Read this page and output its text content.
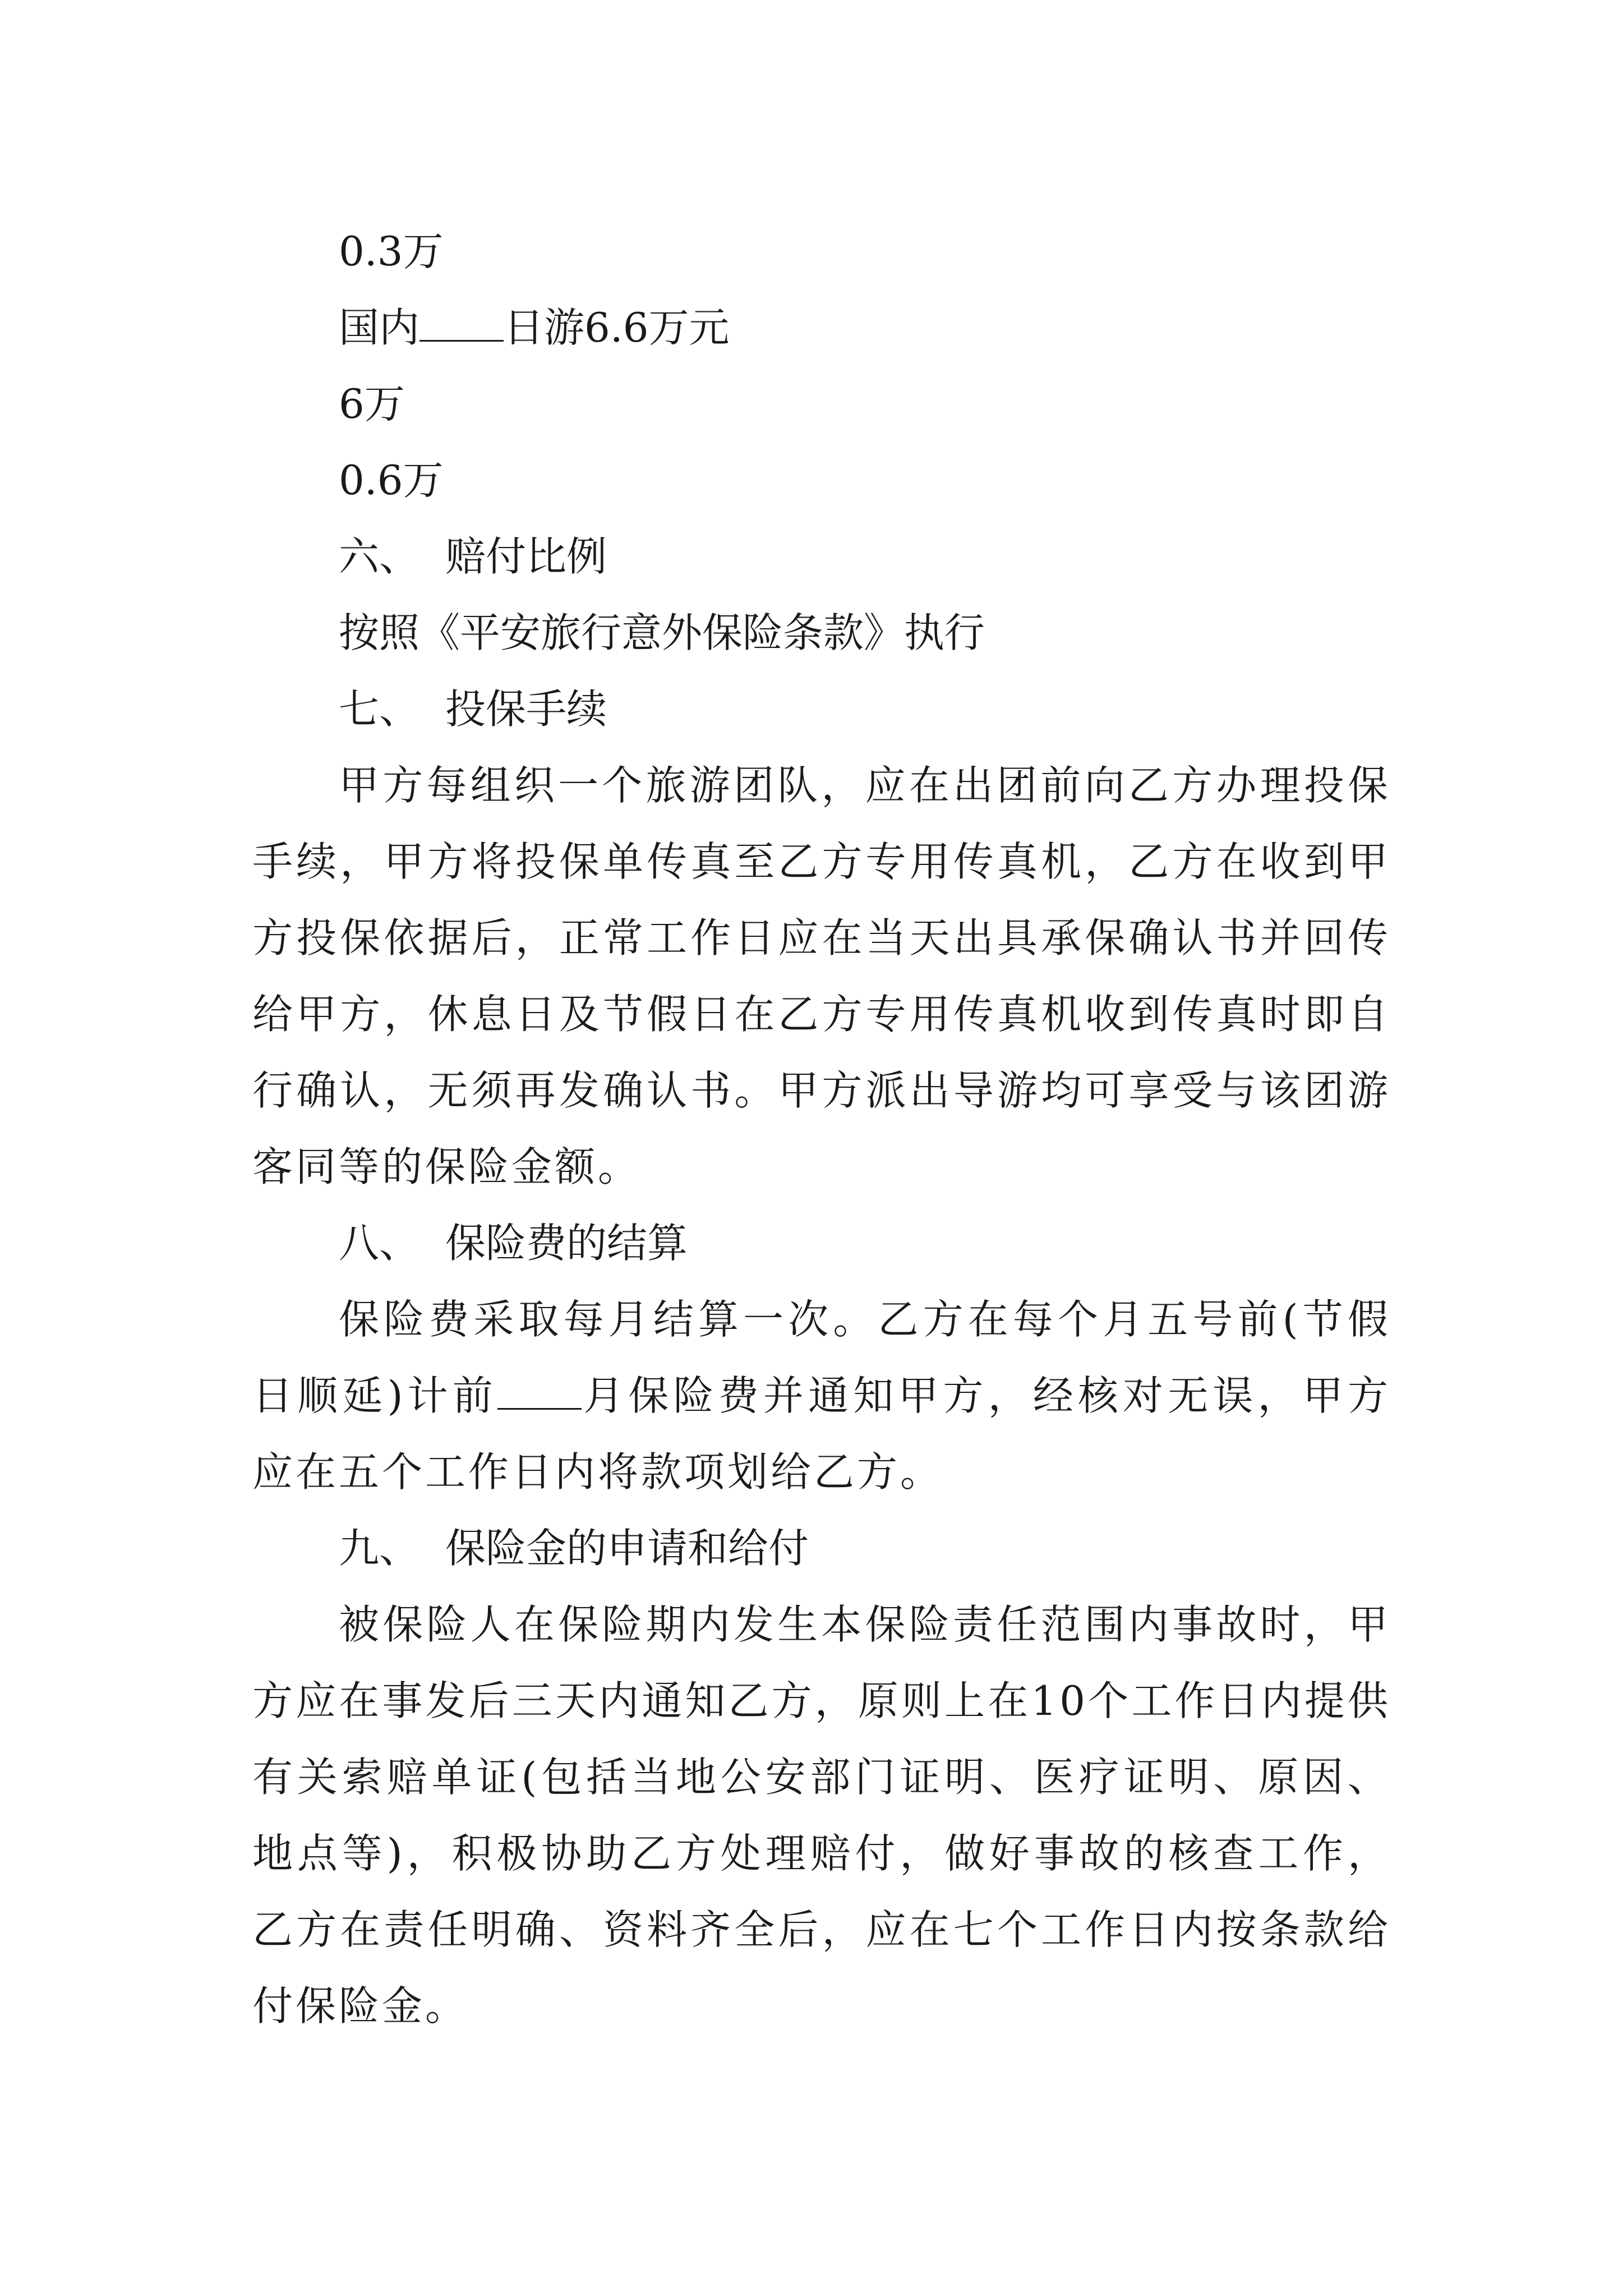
0.3万

国内 日游6.6万元

6万

0.6万

六、 赔付比例

按照《平安旅行意外保险条款》执行

七、 投保手续

甲方每组织一个旅游团队，应在出团前向乙方办理投保手续，甲方将投保单传真至乙方专用传真机，乙方在收到甲方投保依据后，正常工作日应在当天出具承保确认书并回传给甲方，休息日及节假日在乙方专用传真机收到传真时即自行确认，无须再发确认书。甲方派出导游均可享受与该团游客同等的保险金额。

八、 保险费的结算

保险费采取每月结算一次。乙方在每个月五号前(节假日顺延)计前 月保险费并通知甲方，经核对无误，甲方应在五个工作日内将款项划给乙方。

九、 保险金的申请和给付

被保险人在保险期内发生本保险责任范围内事故时，甲方应在事发后三天内通知乙方，原则上在10个工作日内提供有关索赔单证(包括当地公安部门证明、医疗证明、原因、地点等)，积极协助乙方处理赔付，做好事故的核查工作，乙方在责任明确、资料齐全后，应在七个工作日内按条款给付保险金。
